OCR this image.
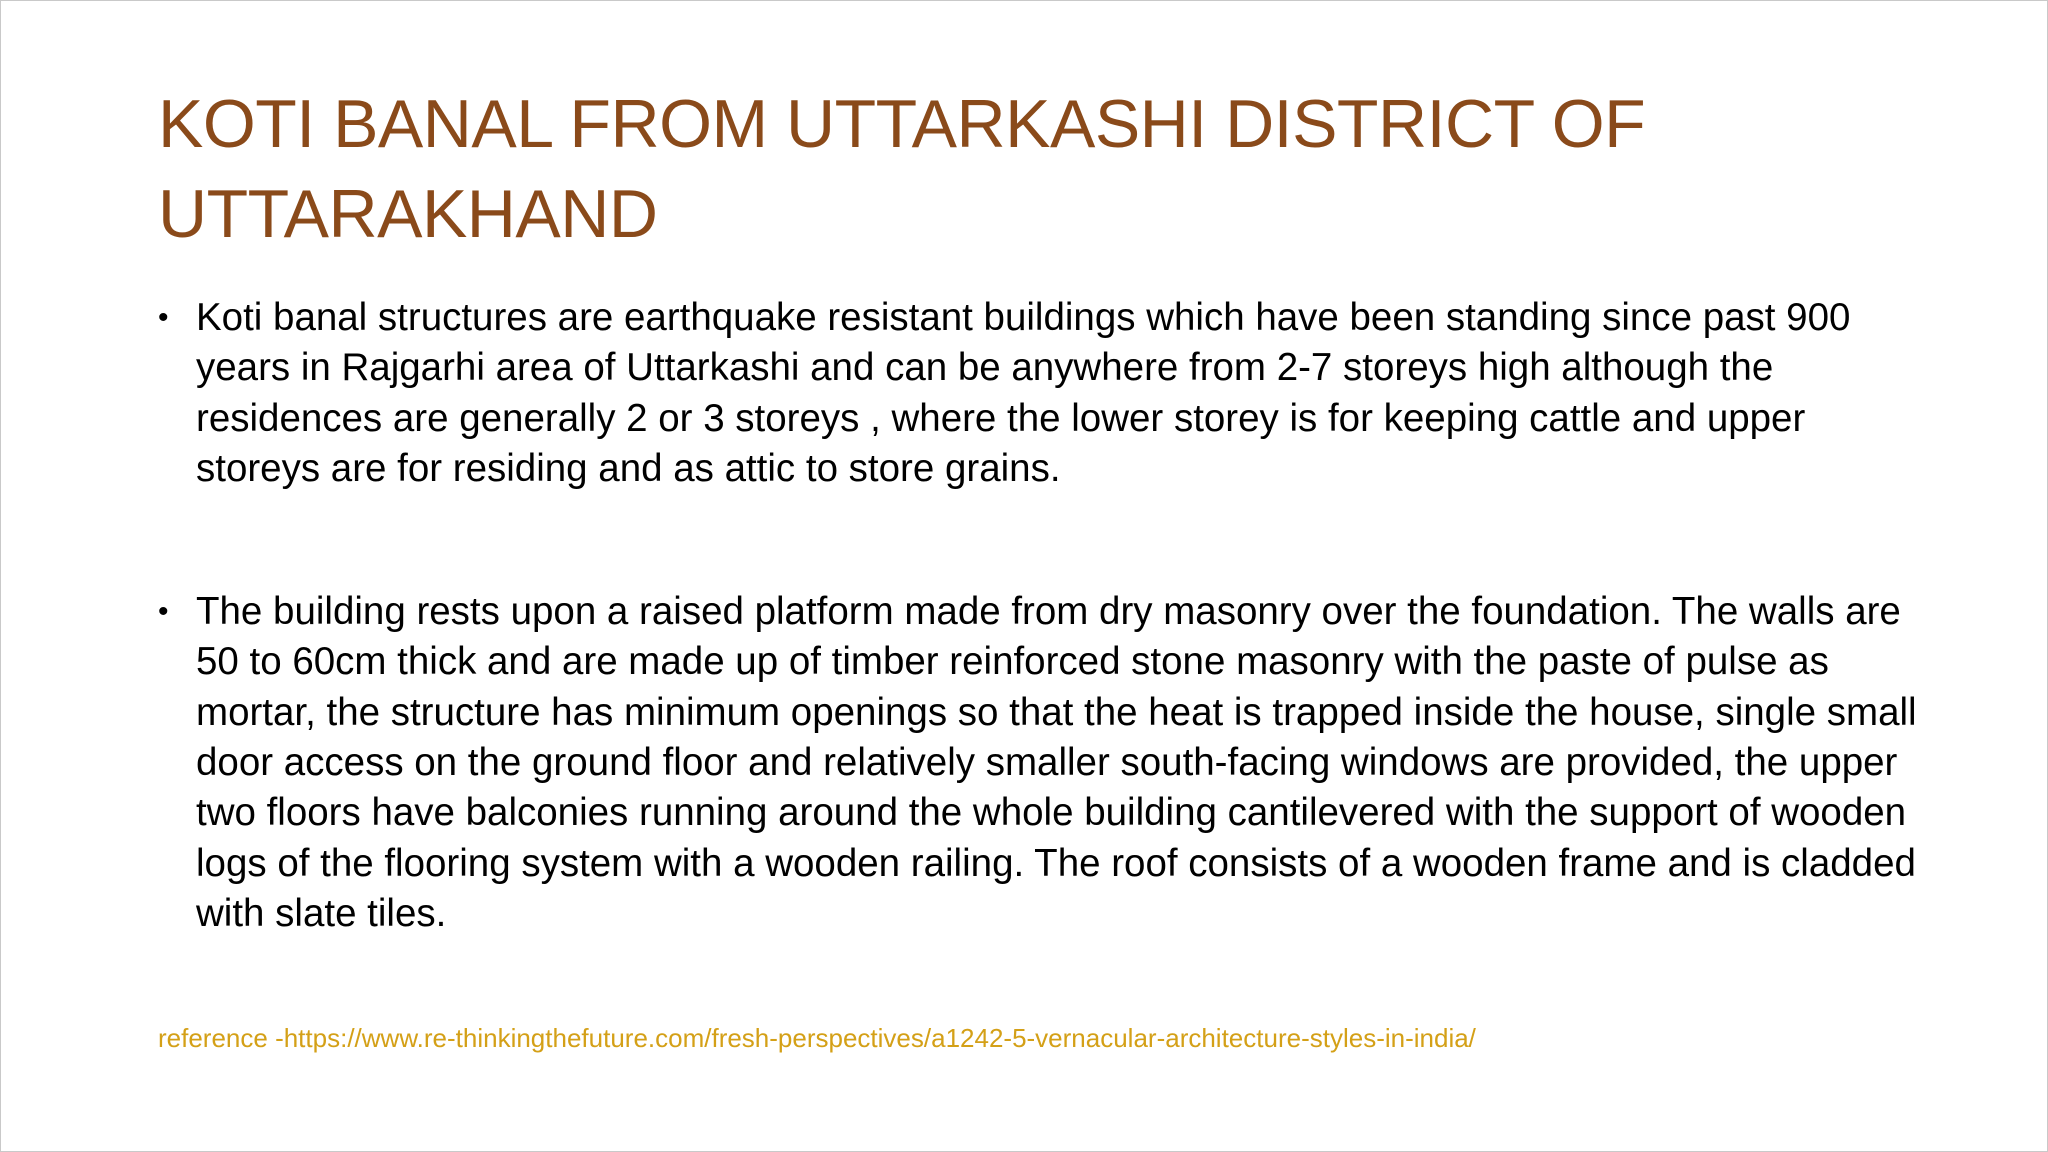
KOTI BANAL FROM UTTARKASHI DISTRICT OF UTTARAKHAND
• Koti banal structures are earthquake resistant buildings which have been standing since past 900 years in Rajgarhi area of Uttarkashi and can be anywhere from 2-7 storeys high although the residences are generally 2 or 3 storeys , where the lower storey is for keeping cattle and upper storeys are for residing and as attic to store grains.
• The building rests upon a raised platform made from dry masonry over the foundation. The walls are 50 to 60cm thick and are made up of timber reinforced stone masonry with the paste of pulse as mortar, the structure has minimum openings so that the heat is trapped inside the house, single small door access on the ground floor and relatively smaller south-facing windows are provided, the upper two floors have balconies running around the whole building cantilevered with the support of wooden logs of the flooring system with a wooden railing. The roof consists of a wooden frame and is cladded with slate tiles.
reference -https://www.re-thinkingthefuture.com/fresh-perspectives/a1242-5-vernacular-architecture-styles-in-india/
